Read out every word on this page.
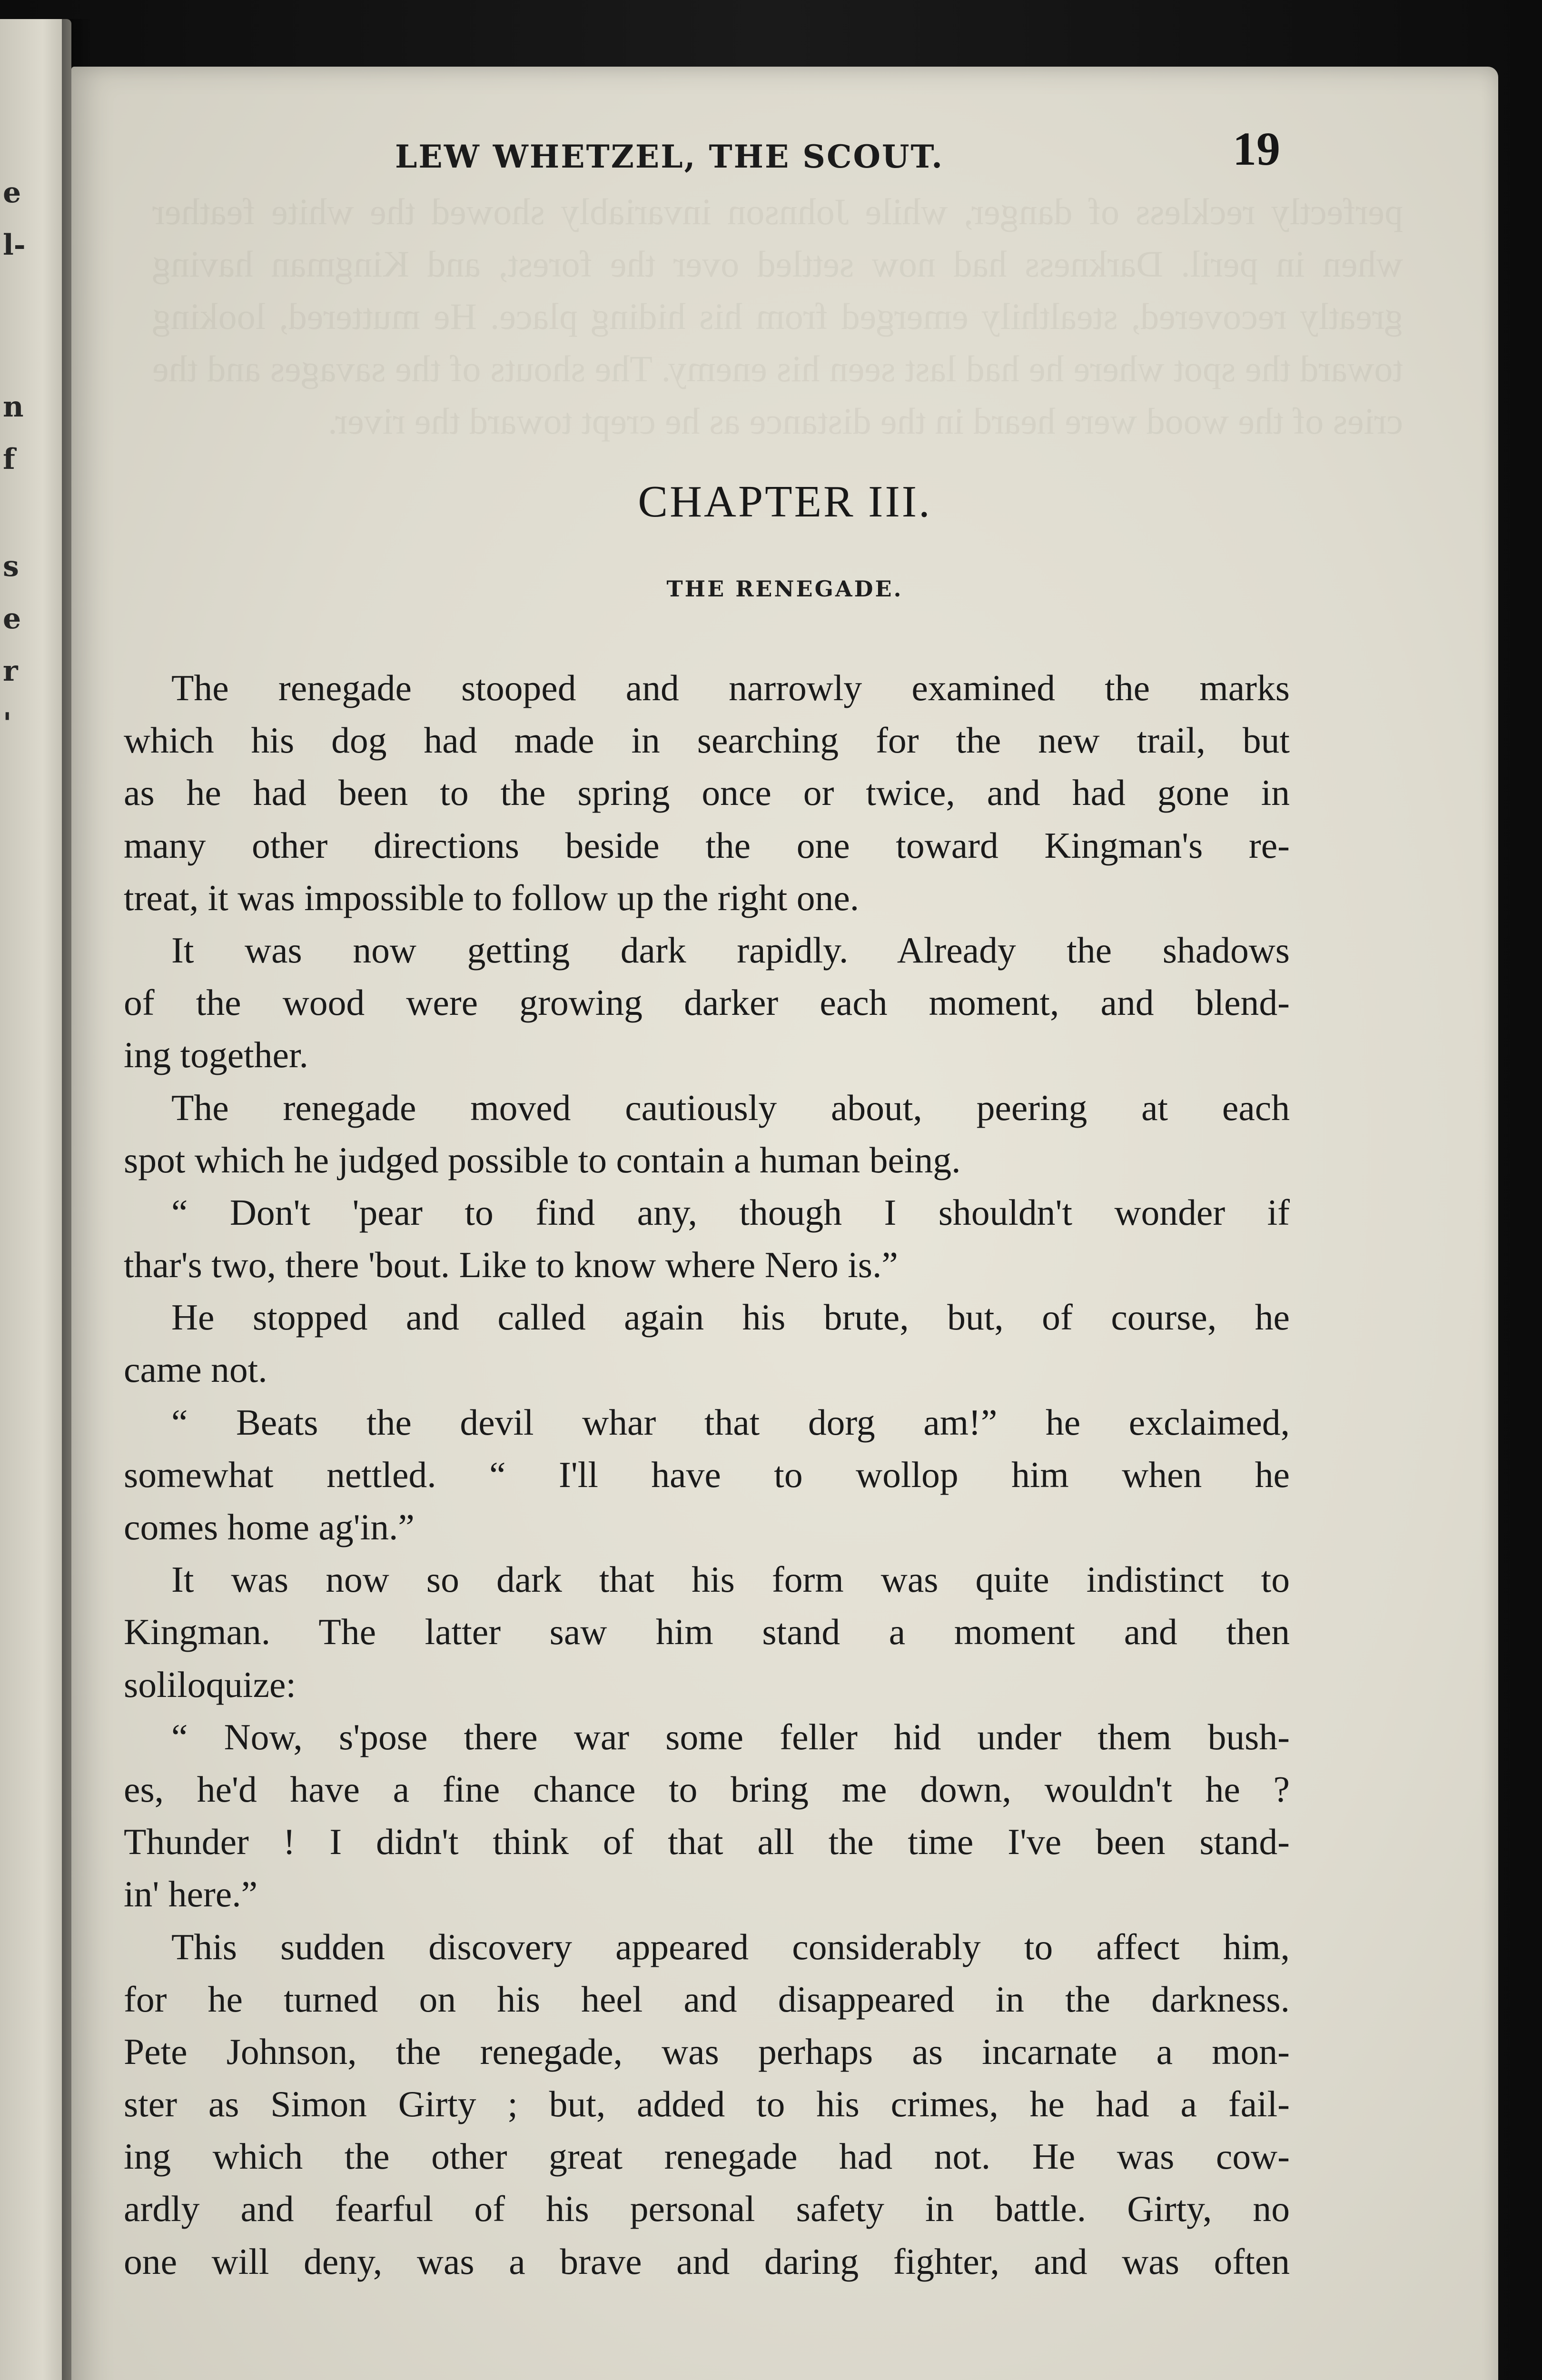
e
l-
n
f
s
e
r
'
perfectly reckless of danger, while Johnson invariably showed the white feather when in peril. Darkness had now settled over the forest, and Kingman having greatly recovered, stealthily emerged from his hiding place. He muttered, looking toward the spot where he had last seen his enemy. The shouts of the savages and the cries of the wood were heard in the distance as he crept toward the river.
LEW WHETZEL, THE SCOUT.	19
CHAPTER III.
THE RENEGADE.
The renegade stooped and narrowly examined the marks
which his dog had made in searching for the new trail, but
as he had been to the spring once or twice, and had gone in
many other directions beside the one toward Kingman's re-
treat, it was impossible to follow up the right one.
It was now getting dark rapidly. Already the shadows
of the wood were growing darker each moment, and blend-
ing together.
The renegade moved cautiously about, peering at each
spot which he judged possible to contain a human being.
“ Don't 'pear to find any, though I shouldn't wonder if
thar's two, there 'bout. Like to know where Nero is.”
He stopped and called again his brute, but, of course, he
came not.
“ Beats the devil whar that dorg am!” he exclaimed,
somewhat nettled. “ I'll have to wollop him when he
comes home ag'in.”
It was now so dark that his form was quite indistinct to
Kingman. The latter saw him stand a moment and then
soliloquize:
“ Now, s'pose there war some feller hid under them bush-
es, he'd have a fine chance to bring me down, wouldn't he ?
Thunder ! I didn't think of that all the time I've been stand-
in' here.”
This sudden discovery appeared considerably to affect him,
for he turned on his heel and disappeared in the darkness.
Pete Johnson, the renegade, was perhaps as incarnate a mon-
ster as Simon Girty ; but, added to his crimes, he had a fail-
ing which the other great renegade had not. He was cow-
ardly and fearful of his personal safety in battle. Girty, no
one will deny, was a brave and daring fighter, and was often
